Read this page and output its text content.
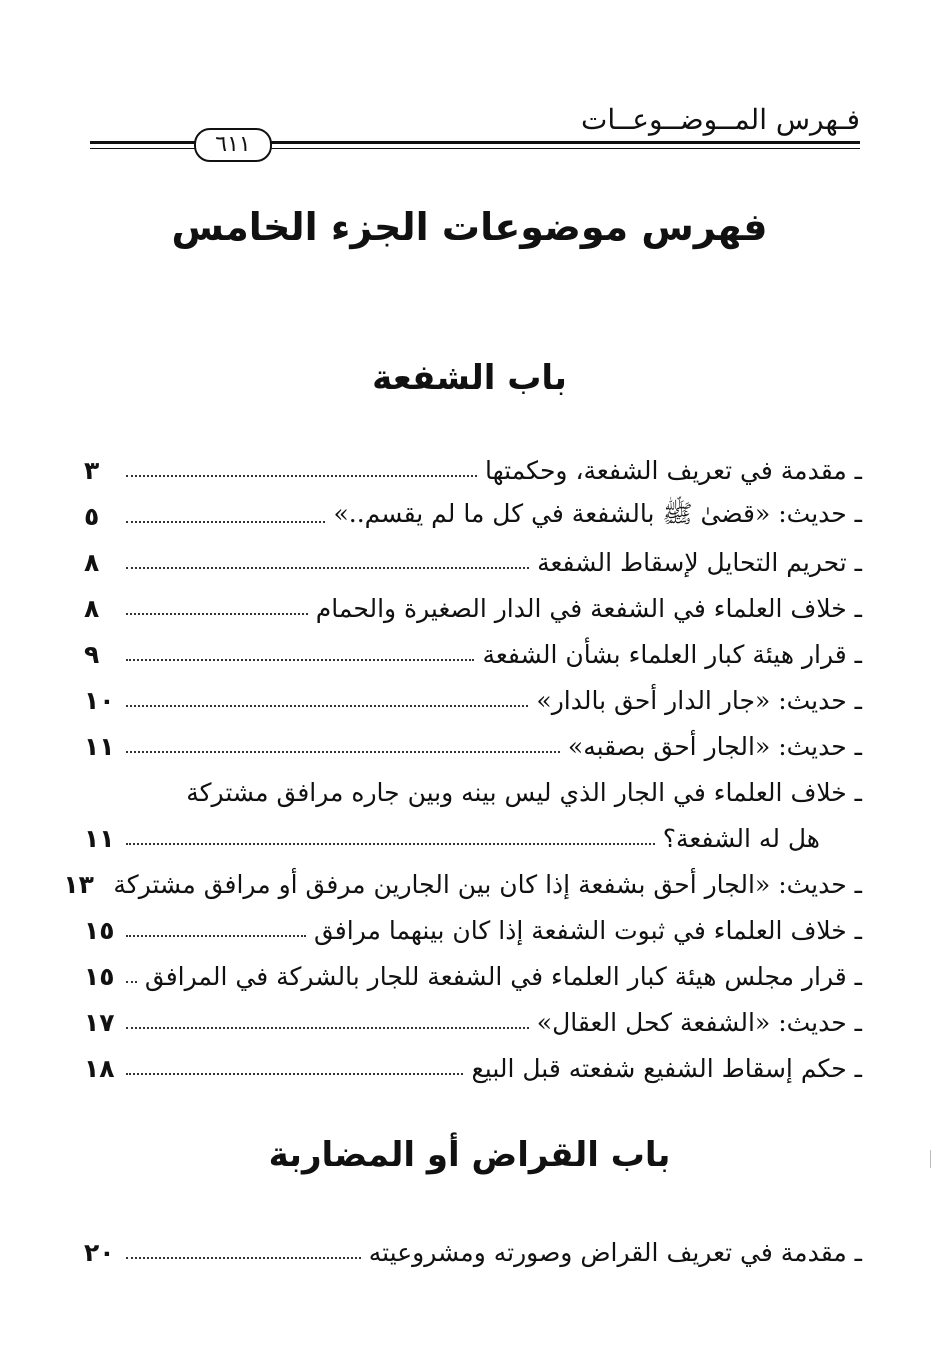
فـهرس المــوضــوعــات
٦١١
فهرس موضوعات الجزء الخامس
باب الشفعة
ـ مقدمة في تعريف الشفعة، وحكمتها
٣
ـ حديث: «قضىٰ ﷺ بالشفعة في كل ما لم يقسم..»
٥
ـ تحريم التحايل لإسقاط الشفعة
٨
ـ خلاف العلماء في الشفعة في الدار الصغيرة والحمام
٨
ـ قرار هيئة كبار العلماء بشأن الشفعة
٩
ـ حديث: «جار الدار أحق بالدار»
١٠
ـ حديث: «الجار أحق بصقبه»
١١
ـ خلاف العلماء في الجار الذي ليس بينه وبين جاره مرافق مشتركة
هل له الشفعة؟
١١
ـ حديث: «الجار أحق بشفعة إذا كان بين الجارين مرفق أو مرافق مشتركة
١٣
ـ خلاف العلماء في ثبوت الشفعة إذا كان بينهما مرافق
١٥
ـ قرار مجلس هيئة كبار العلماء في الشفعة للجار بالشركة في المرافق
١٥
ـ حديث: «الشفعة كحل العقال»
١٧
ـ حكم إسقاط الشفيع شفعته قبل البيع
١٨
باب القراض أو المضاربة
ـ مقدمة في تعريف القراض وصورته ومشروعيته
٢٠
